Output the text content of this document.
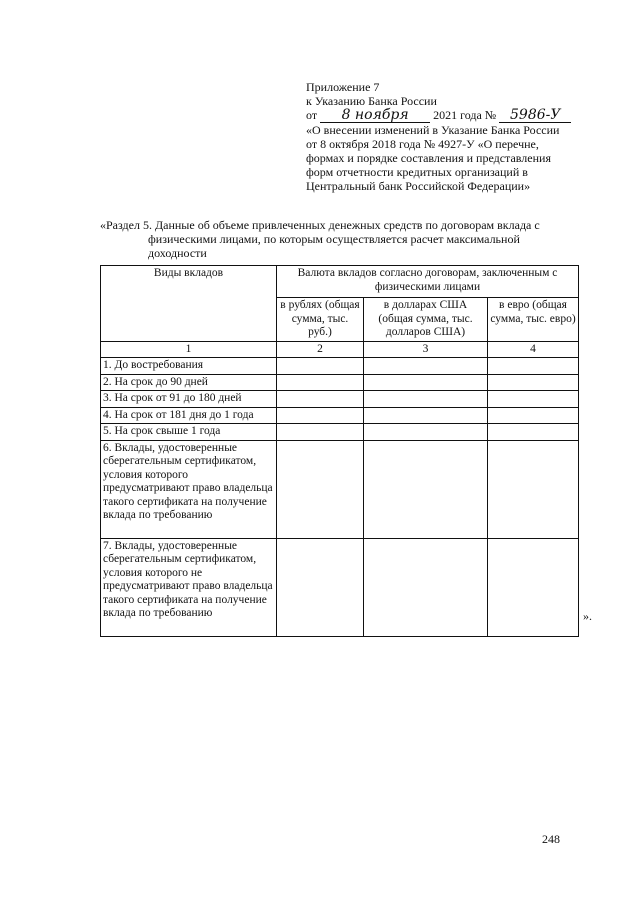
Приложение 7
к Указанию Банка России
от 8 ноября 2021 года № 5986-У
«О внесении изменений в Указание Банка России
от 8 октября 2018 года № 4927-У «О перечне,
формах и порядке составления и представления
форм отчетности кредитных организаций в
Центральный банк Российской Федерации»
«Раздел 5. Данные об объеме привлеченных денежных средств по договорам вклада с
физическими лицами, по которым осуществляется расчет максимальной
доходности
Виды вкладов	Валюта вкладов согласно договорам, заключенным с физическими лицами		
	в рублях (общая сумма, тыс. руб.)	в долларах США (общая сумма, тыс. долларов США)	в евро (общая сумма, тыс. евро)
1	2	3	4
1. До востребования			
2. На срок до 90 дней			
3. На срок от 91 до 180 дней			
4. На срок от 181 дня до 1 года			
5. На срок свыше 1 года			
6. Вклады, удостоверенные сберегательным сертификатом, условия которого предусматривают право владельца такого сертификата на получение вклада по требованию			
7. Вклады, удостоверенные сберегательным сертификатом, условия которого не предусматривают право владельца такого сертификата на получение вклада по требованию				».
248
